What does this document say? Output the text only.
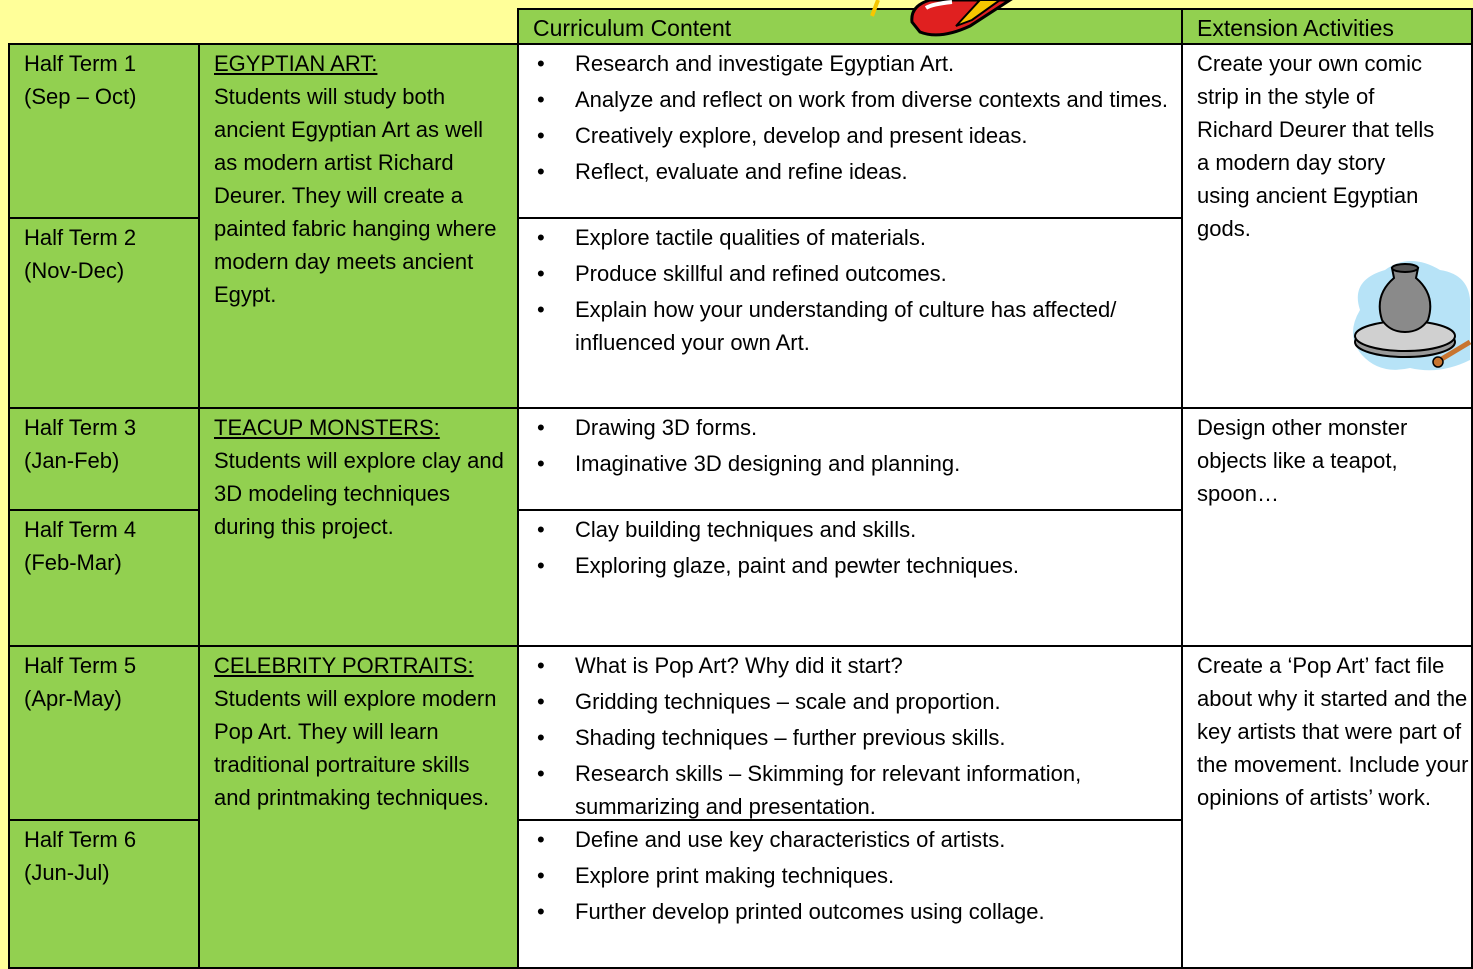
Curriculum Content	Extension Activities
Half Term 1
(Sep – Oct)
Half Term 2
(Nov-Dec)
EGYPTIAN ART:
Students will study both ancient Egyptian Art as well as modern artist Richard Deurer. They will create a painted fabric hanging where modern day meets ancient Egypt.
• Research and investigate Egyptian Art.
• Analyze and reflect on work from diverse contexts and times.
• Creatively explore, develop and present ideas.
• Reflect, evaluate and refine ideas.
• Explore tactile qualities of materials.
• Produce skillful and refined outcomes.
• Explain how your understanding of culture has affected/ influenced your own Art.
Create your own comic strip in the style of Richard Deurer that tells a modern day story using ancient Egyptian gods.
Half Term 3
(Jan-Feb)
Half Term 4
(Feb-Mar)
TEACUP MONSTERS:
Students will explore clay and 3D modeling techniques during this project.
• Drawing 3D forms.
• Imaginative 3D designing and planning.
• Clay building techniques and skills.
• Exploring glaze, paint and pewter techniques.
Design other monster objects like a teapot, spoon…
Half Term 5
(Apr-May)
Half Term 6
(Jun-Jul)
CELEBRITY PORTRAITS:
Students will explore modern Pop Art. They will learn traditional portraiture skills and printmaking techniques.
• What is Pop Art? Why did it start?
• Gridding techniques – scale and proportion.
• Shading techniques – further previous skills.
• Research skills – Skimming for relevant information, summarizing and presentation.
• Define and use key characteristics of artists.
• Explore print making techniques.
• Further develop printed outcomes using collage.
Create a ‘Pop Art’ fact file about why it started and the key artists that were part of the movement. Include your opinions of artists’ work.
